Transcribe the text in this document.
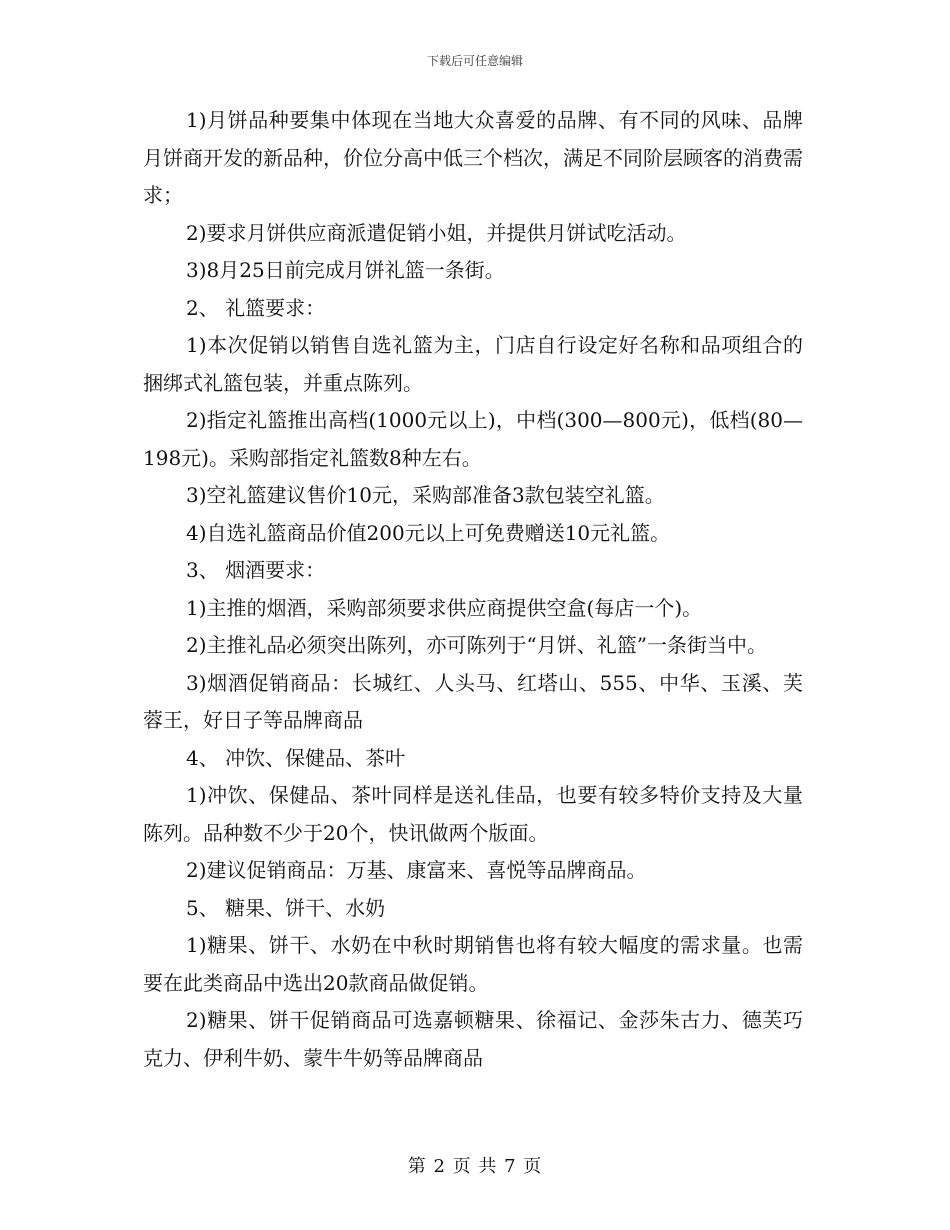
下载后可任意编辑

1)月饼品种要集中体现在当地大众喜爱的品牌、有不同的风味、品牌月饼商开发的新品种，价位分高中低三个档次，满足不同阶层顾客的消费需求；

2)要求月饼供应商派遣促销小姐，并提供月饼试吃活动。

3)8月25日前完成月饼礼篮一条街。

2、 礼篮要求：

1)本次促销以销售自选礼篮为主，门店自行设定好名称和品项组合的捆绑式礼篮包装，并重点陈列。

2)指定礼篮推出高档(1000元以上)，中档(300—800元)，低档(80—198元)。采购部指定礼篮数8种左右。

3)空礼篮建议售价10元，采购部准备3款包装空礼篮。

4)自选礼篮商品价值200元以上可免费赠送10元礼篮。

3、 烟酒要求：

1)主推的烟酒，采购部须要求供应商提供空盒(每店一个)。

2)主推礼品必须突出陈列，亦可陈列于“月饼、礼篮”一条街当中。

3)烟酒促销商品：长城红、人头马、红塔山、555、中华、玉溪、芙蓉王，好日子等品牌商品

4、 冲饮、保健品、茶叶

1)冲饮、保健品、茶叶同样是送礼佳品，也要有较多特价支持及大量陈列。品种数不少于20个，快讯做两个版面。

2)建议促销商品：万基、康富来、喜悦等品牌商品。

5、 糖果、饼干、水奶

1)糖果、饼干、水奶在中秋时期销售也将有较大幅度的需求量。也需要在此类商品中选出20款商品做促销。

2)糖果、饼干促销商品可选嘉顿糖果、徐福记、金莎朱古力、德芙巧克力、伊利牛奶、蒙牛牛奶等品牌商品

第 2 页 共 7 页
